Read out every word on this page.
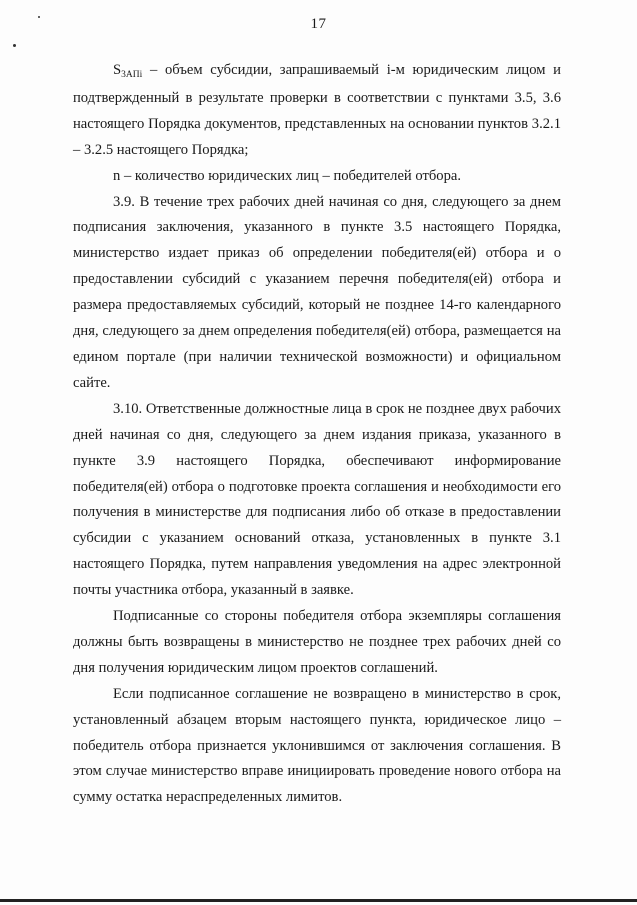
17

$S_{3АПi}$ – объем субсидии, запрашиваемый i-м юридическим лицом и подтвержденный в результате проверки в соответствии с пунктами 3.5, 3.6 настоящего Порядка документов, представленных на основании пунктов 3.2.1 – 3.2.5 настоящего Порядка;

n – количество юридических лиц – победителей отбора.

3.9. В течение трех рабочих дней начиная со дня, следующего за днем подписания заключения, указанного в пункте 3.5 настоящего Порядка, министерство издает приказ об определении победителя(ей) отбора и о предоставлении субсидий с указанием перечня победителя(ей) отбора и размера предоставляемых субсидий, который не позднее 14-го календарного дня, следующего за днем определения победителя(ей) отбора, размещается на едином портале (при наличии технической возможности) и официальном сайте.

3.10. Ответственные должностные лица в срок не позднее двух рабочих дней начиная со дня, следующего за днем издания приказа, указанного в пункте 3.9 настоящего Порядка, обеспечивают информирование победителя(ей) отбора о подготовке проекта соглашения и необходимости его получения в министерстве для подписания либо об отказе в предоставлении субсидии с указанием оснований отказа, установленных в пункте 3.1 настоящего Порядка, путем направления уведомления на адрес электронной почты участника отбора, указанный в заявке.

Подписанные со стороны победителя отбора экземпляры соглашения должны быть возвращены в министерство не позднее трех рабочих дней со дня получения юридическим лицом проектов соглашений.

Если подписанное соглашение не возвращено в министерство в срок, установленный абзацем вторым настоящего пункта, юридическое лицо – победитель отбора признается уклонившимся от заключения соглашения. В этом случае министерство вправе инициировать проведение нового отбора на сумму остатка нераспределенных лимитов.
